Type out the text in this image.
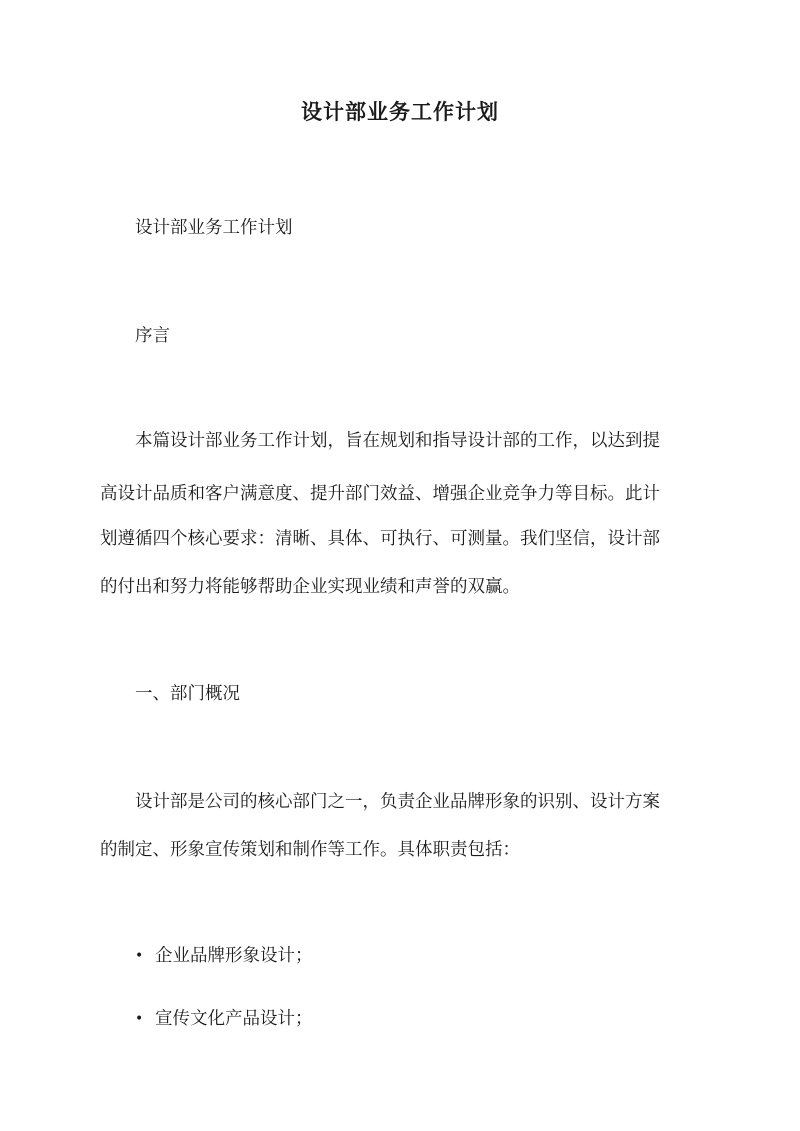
设计部业务工作计划

设计部业务工作计划

序言

本篇设计部业务工作计划，旨在规划和指导设计部的工作，以达到提

高设计品质和客户满意度、提升部门效益、增强企业竞争力等目标。此计

划遵循四个核心要求：清晰、具体、可执行、可测量。我们坚信，设计部

的付出和努力将能够帮助企业实现业绩和声誉的双赢。

一、部门概况

设计部是公司的核心部门之一，负责企业品牌形象的识别、设计方案

的制定、形象宣传策划和制作等工作。具体职责包括：

• 企业品牌形象设计；
• 宣传文化产品设计；
